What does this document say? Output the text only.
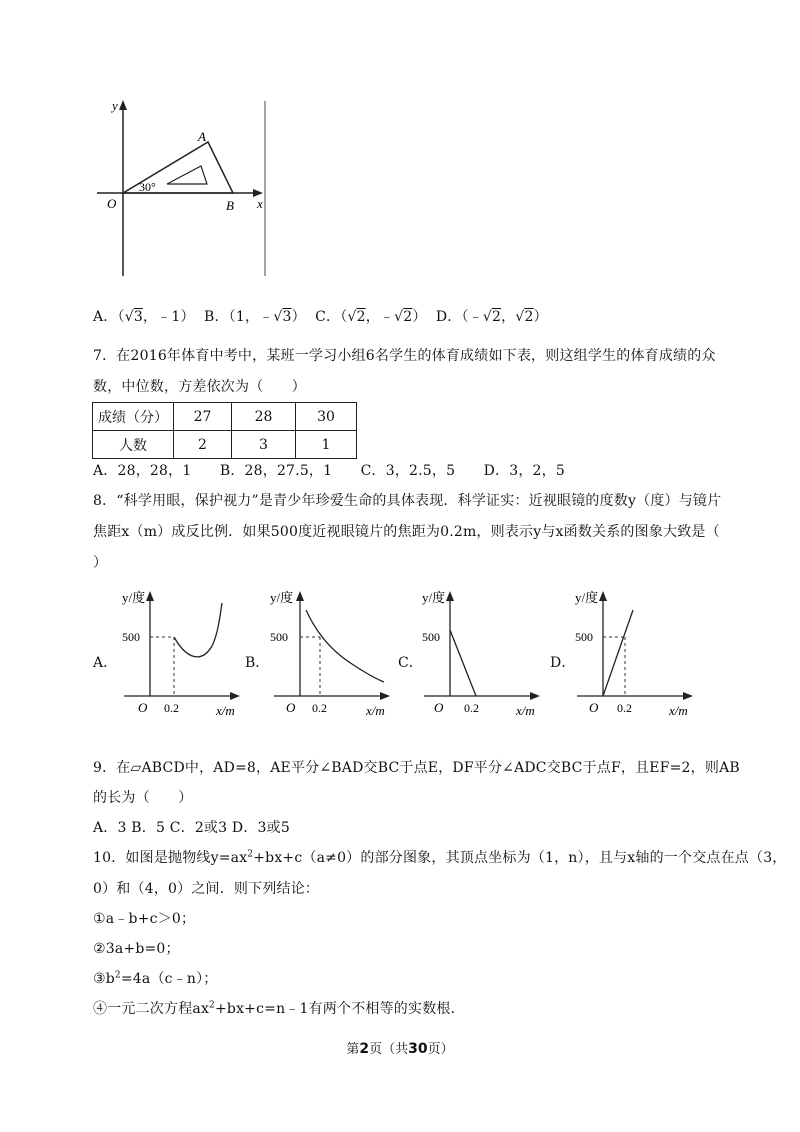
y
x
O
A
B
30°
A．（√3，﹣1） B．（1，﹣√3） C．（√2，﹣√2） D．（﹣√2，√2）
7．在2016年体育中考中，某班一学习小组6名学生的体育成绩如下表，则这组学生的体育成绩的众
数，中位数，方差依次为（　　）
成绩（分）	27	28	30
人数	2	3	1
A．28，28，1　　B．28，27.5，1　　C．3，2.5，5　　D．3，2，5
8．“科学用眼，保护视力”是青少年珍爱生命的具体表现．科学证实：近视眼镜的度数y（度）与镜片
焦距x（m）成反比例．如果500度近视眼镜片的焦距为0.2m，则表示y与x函数关系的图象大致是（
）
A．
y/度
500
O 0.2	x/m
B．
y/度
500
O 0.2	x/m
C．
y/度
500
O 0.2	x/m
D．
y/度
500
O 0.2	x/m
9．在▱ABCD中，AD=8，AE平分∠BAD交BC于点E，DF平分∠ADC交BC于点F，且EF=2，则AB
的长为（　　）
A．3 B．5 C．2或3 D．3或5
10．如图是抛物线$y=ax^2+bx+c(a\ne 0)$的部分图象，其顶点坐标为（1，n），且与x轴的一个交点在点（3，
0）和（4，0）之间．则下列结论：
①a﹣b+c＞0；
②3a+b=0；
$③b^2=4a(c﹣n)$；
④一元二次方程$ax^2+bx+c=n﹣1$有两个不相等的实数根．
第2页（共30页）
